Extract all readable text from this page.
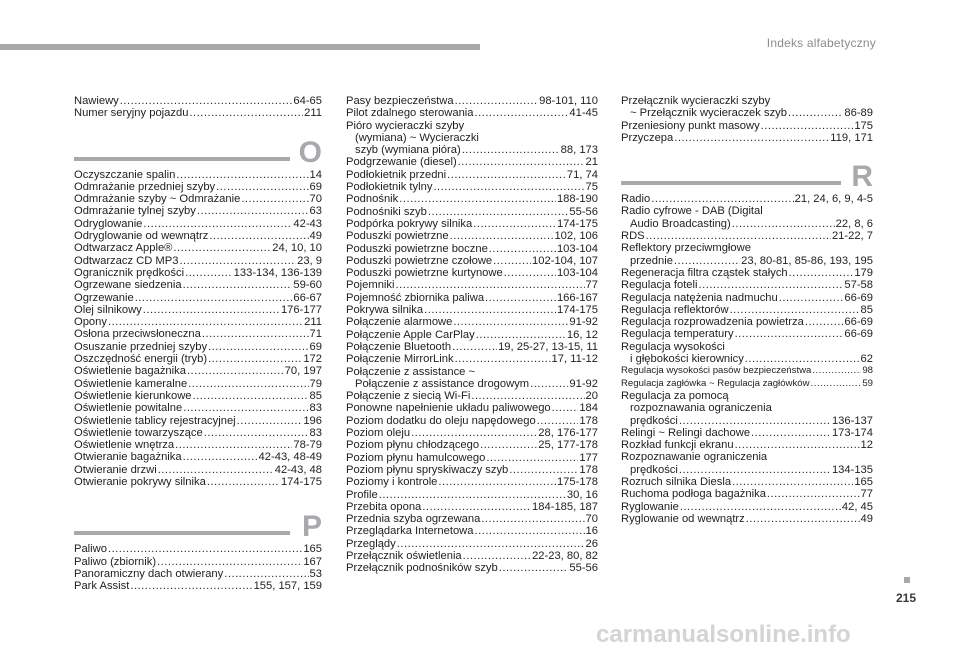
Indeks alfabetyczny
Nawiewy .....	64-65
Numer seryjny pojazdu .....	211
O
Oczyszczanie spalin .....	14
Odmrażanie przedniej szyby .....	69
Odmrażanie szyby ~ Odmrażanie .....	70
Odmrażanie tylnej szyby .....	63
Odryglowanie .....	42-43
Odryglowanie od wewnątrz .....	49
Odtwarzacz Apple® .....	24, 10, 10
Odtwarzacz CD MP3 .....	23, 9
Ogranicznik prędkości .....	133-134, 136-139
Ogrzewane siedzenia .....	59-60
Ogrzewanie .....	66-67
Olej silnikowy .....	176-177
Opony .....	211
Osłona przeciwsłoneczna .....	71
Osuszanie przedniej szyby .....	69
Oszczędność energii (tryb) .....	172
Oświetlenie bagażnika .....	70, 197
Oświetlenie kameralne .....	79
Oświetlenie kierunkowe .....	85
Oświetlenie powitalne .....	83
Oświetlenie tablicy rejestracyjnej .....	196
Oświetlenie towarzyszące .....	83
Oświetlenie wnętrza .....	78-79
Otwieranie bagażnika .....	42-43, 48-49
Otwieranie drzwi .....	42-43, 48
Otwieranie pokrywy silnika .....	174-175
P
Paliwo .....	165
Paliwo (zbiornik) .....	167
Panoramiczny dach otwierany .....	53
Park Assist .....	155, 157, 159
Pasy bezpieczeństwa .....	98-101, 110
Pilot zdalnego sterowania .....	41-45
Pióro wycieraczki szyby
(wymiana) ~ Wycieraczki
szyb (wymiana pióra) .....	88, 173
Podgrzewanie (diesel) .....	21
Podłokietnik przedni .....	71, 74
Podłokietnik tylny .....	75
Podnośnik .....	188-190
Podnośniki szyb .....	55-56
Podpórka pokrywy silnika .....	174-175
Poduszki powietrzne .....	102, 106
Poduszki powietrzne boczne .....	103-104
Poduszki powietrzne czołowe .....	102-104, 107
Poduszki powietrzne kurtynowe .....	103-104
Pojemniki .....	77
Pojemność zbiornika paliwa .....	166-167
Pokrywa silnika .....	174-175
Połączenie alarmowe .....	91-92
Połączenie Apple CarPlay .....	16, 12
Połączenie Bluetooth .....	19, 25-27, 13-15, 11
Połączenie MirrorLink .....	17, 11-12
Połączenie z assistance ~
Połączenie z assistance drogowym .....	91-92
Połączenie z siecią Wi-Fi .....	20
Ponowne napełnienie układu paliwowego .....	184
Poziom dodatku do oleju napędowego .....	178
Poziom oleju .....	28, 176-177
Poziom płynu chłodzącego .....	25, 177-178
Poziom płynu hamulcowego .....	177
Poziom płynu spryskiwaczy szyb .....	178
Poziomy i kontrole .....	175-178
Profile .....	30, 16
Przebita opona .....	184-185, 187
Przednia szyba ogrzewana .....	70
Przeglądarka Internetowa .....	16
Przeglądy .....	26
Przełącznik oświetlenia .....	22-23, 80, 82
Przełącznik podnośników szyb .....	55-56
Przełącznik wycieraczki szyby
~ Przełącznik wycieraczek szyb .....	86-89
Przeniesiony punkt masowy .....	175
Przyczepa .....	119, 171
R
Radio .....	21, 24, 6, 9, 4-5
Radio cyfrowe - DAB (Digital
Audio Broadcasting) .....	22, 8, 6
RDS .....	21-22, 7
Reflektory przeciwmgłowe
przednie .....	23, 80-81, 85-86, 193, 195
Regeneracja filtra cząstek stałych .....	179
Regulacja foteli .....	57-58
Regulacja natężenia nadmuchu .....	66-69
Regulacja reflektorów .....	85
Regulacja rozprowadzenia powietrza .....	66-69
Regulacja temperatury .....	66-69
Regulacja wysokości
i głębokości kierownicy .....	62
Regulacja wysokości pasów bezpieczeństwa .....	98
Regulacja zagłówka ~ Regulacja zagłówków .....	59
Regulacja za pomocą
rozpoznawania ograniczenia
prędkości .....	136-137
Relingi ~ Relingi dachowe .....	173-174
Rozkład funkcji ekranu .....	12
Rozpoznawanie ograniczenia
prędkości .....	134-135
Rozruch silnika Diesla .....	165
Ruchoma podłoga bagażnika .....	77
Ryglowanie .....	42, 45
Ryglowanie od wewnątrz .....	49
215
carmanualsonline.info
